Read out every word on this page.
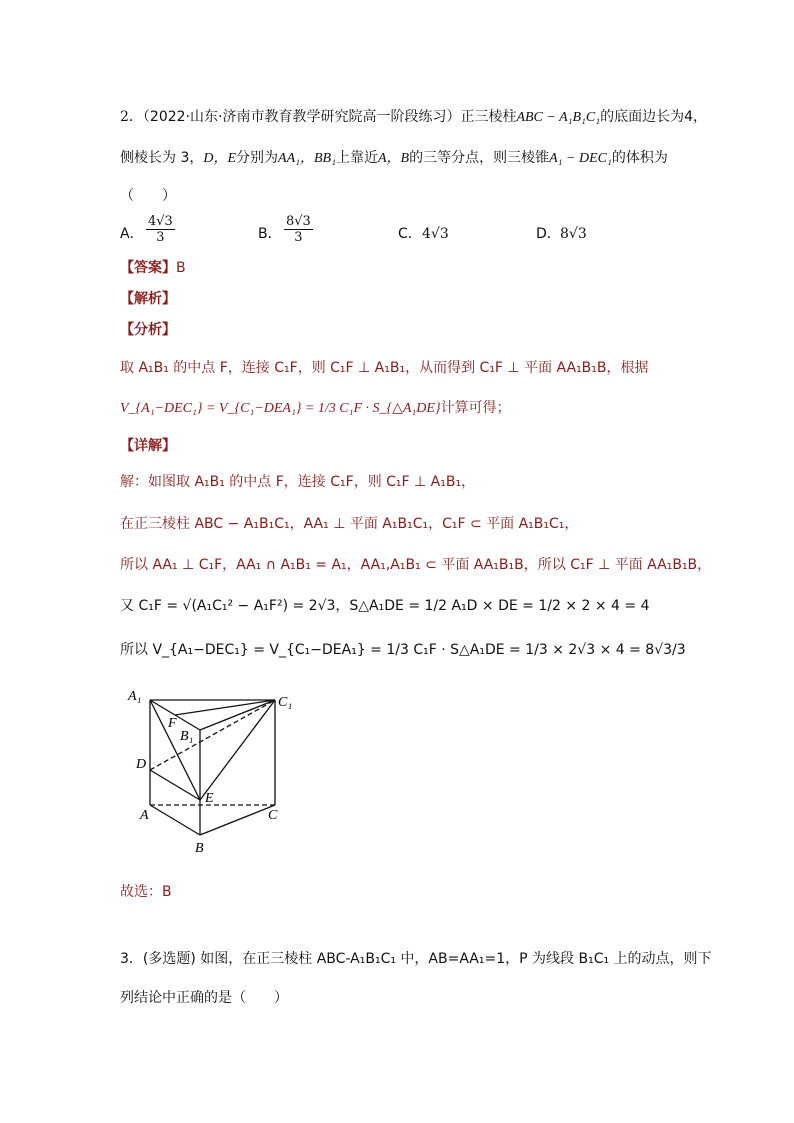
2．（2022·山东·济南市教育教学研究院高一阶段练习）正三棱柱ABC − A₁B₁C₁的底面边长为4，
侧棱长为 3，D，E分别为AA₁，BB₁上靠近A，B的三等分点，则三棱锥A₁ − DEC₁的体积为
（　　）
A． $\frac{4√3}{3}$	B． $\frac{8√3}{3}$	C． 4√3	D． 8√3
【答案】B
【解析】
【分析】
取 A₁B₁ 的中点 F，连接 C₁F，则 C₁F ⊥ A₁B₁，从而得到 C₁F ⊥ 平面 AA₁B₁B，根据
V_{A₁−DEC₁} = V_{C₁−DEA₁} = 1/3 C₁F · S_{△A₁DE}计算可得；
【详解】
解：如图取 A₁B₁ 的中点 F，连接 C₁F，则 C₁F ⊥ A₁B₁，
在正三棱柱 ABC − A₁B₁C₁，AA₁ ⊥ 平面 A₁B₁C₁，C₁F ⊂ 平面 A₁B₁C₁，
所以 AA₁ ⊥ C₁F，AA₁ ∩ A₁B₁ = A₁，AA₁,A₁B₁ ⊂ 平面 AA₁B₁B，所以 C₁F ⊥ 平面 AA₁B₁B，
又 C₁F = √(A₁C₁² − A₁F²) = 2√3，S△A₁DE = 1/2 A₁D × DE = 1/2 × 2 × 4 = 4
所以 V_{A₁−DEC₁} = V_{C₁−DEA₁} = 1/3 C₁F · S△A₁DE = 1/3 × 2√3 × 4 = 8√3/3
A₁	C₁
F
B₁
D
E
A	C
B
故选：B
3．(多选题) 如图，在正三棱柱 ABC-A₁B₁C₁ 中，AB=AA₁=1，P 为线段 B₁C₁ 上的动点，则下
列结论中正确的是（　　）
